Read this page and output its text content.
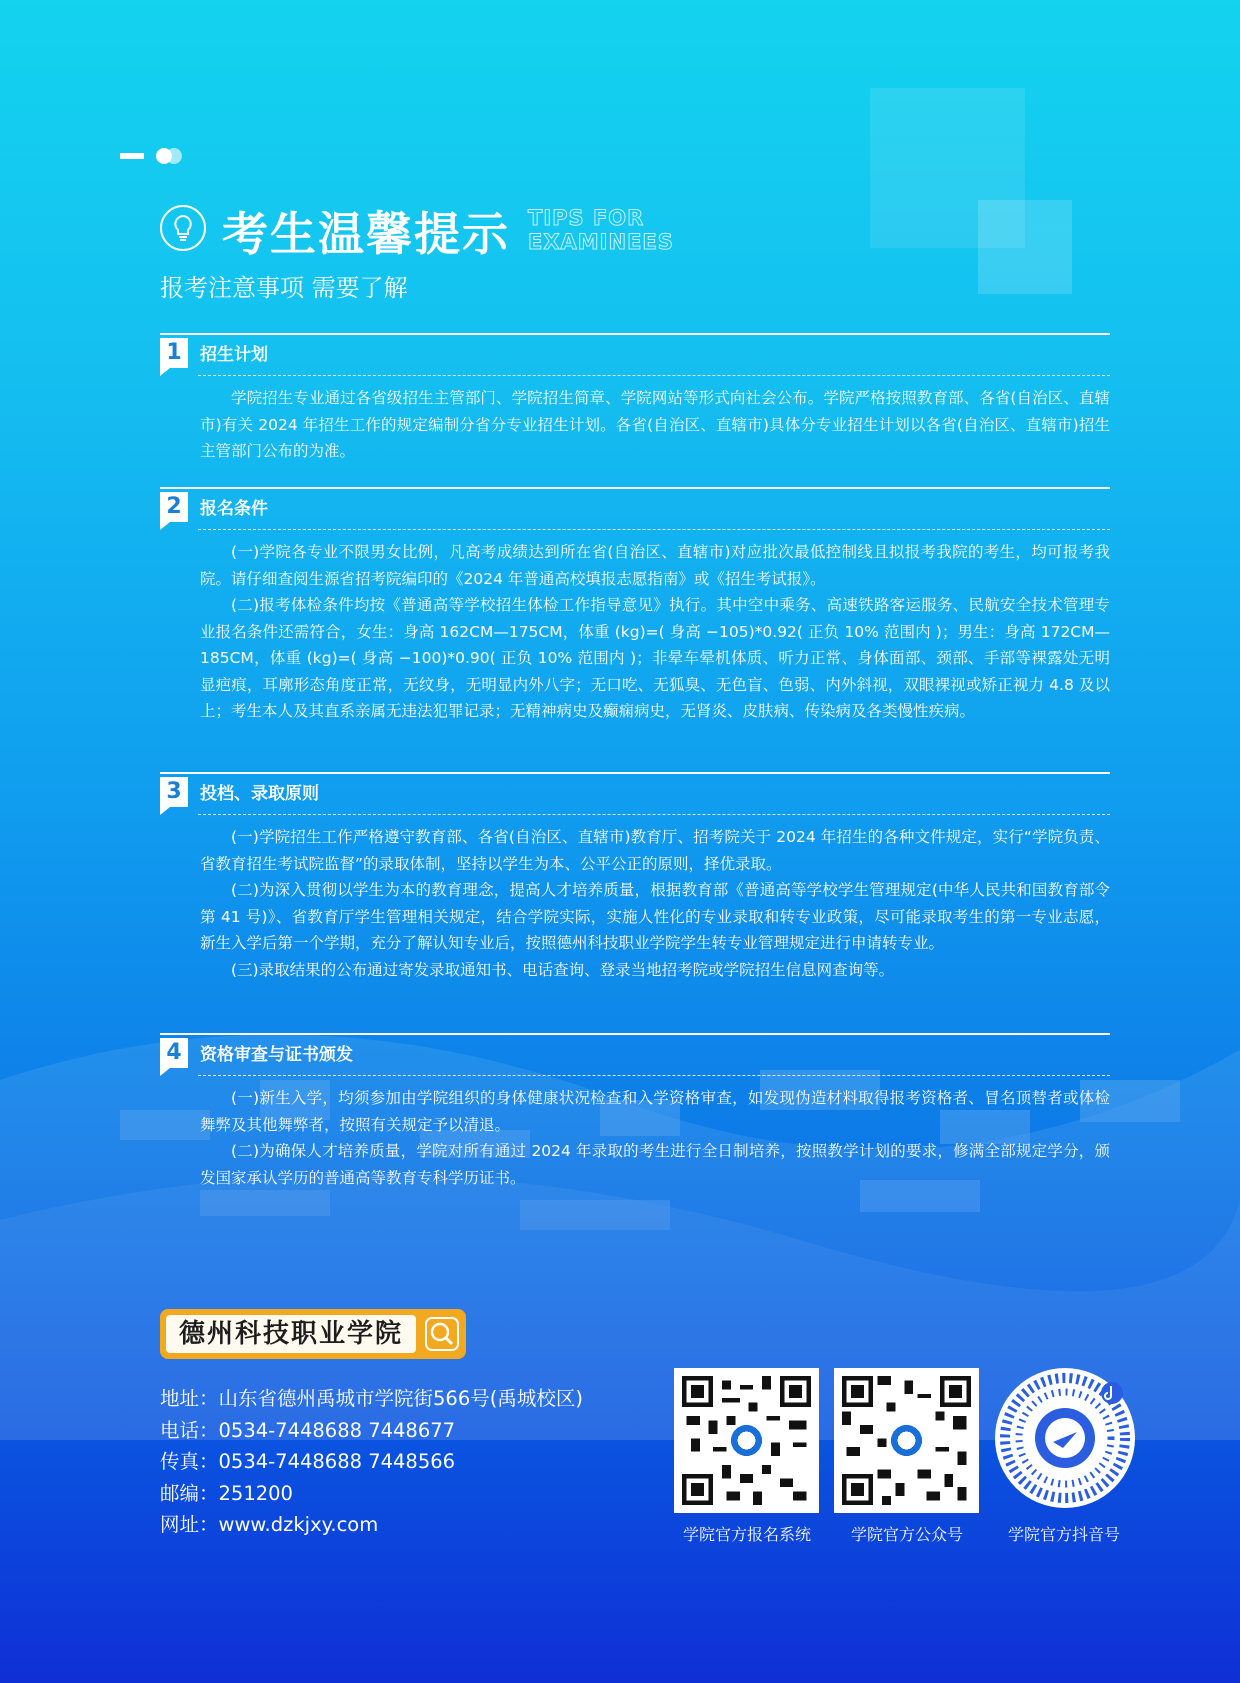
考生温馨提示 TIPS FOR
EXAMINEES
报考注意事项 需要了解
1	招生计划

学院招生专业通过各省级招生主管部门、学院招生简章、学院网站等形式向社会公布。学院严格按照教育部、各省(自治区、直辖市)有关 2024 年招生工作的规定编制分省分专业招生计划。各省(自治区、直辖市)具体分专业招生计划以各省(自治区、直辖市)招生主管部门公布的为准。

2	报名条件

(一)学院各专业不限男女比例，凡高考成绩达到所在省(自治区、直辖市)对应批次最低控制线且拟报考我院的考生，均可报考我院。请仔细查阅生源省招考院编印的《2024 年普通高校填报志愿指南》或《招生考试报》。

(二)报考体检条件均按《普通高等学校招生体检工作指导意见》执行。其中空中乘务、高速铁路客运服务、民航安全技术管理专业报名条件还需符合，女生：身高 162CM—175CM，体重 (kg)=( 身高 −105)*0.92( 正负 10% 范围内 )；男生：身高 172CM—185CM，体重 (kg)=( 身高 −100)*0.90( 正负 10% 范围内 )；非晕车晕机体质、听力正常、身体面部、颈部、手部等裸露处无明显疤痕，耳廓形态角度正常，无纹身，无明显内外八字；无口吃、无狐臭、无色盲、色弱、内外斜视，双眼裸视或矫正视力 4.8 及以上；考生本人及其直系亲属无违法犯罪记录；无精神病史及癫痫病史，无肾炎、皮肤病、传染病及各类慢性疾病。

3	投档、录取原则

(一)学院招生工作严格遵守教育部、各省(自治区、直辖市)教育厅、招考院关于 2024 年招生的各种文件规定，实行“学院负责、省教育招生考试院监督”的录取体制，坚持以学生为本、公平公正的原则，择优录取。

(二)为深入贯彻以学生为本的教育理念，提高人才培养质量，根据教育部《普通高等学校学生管理规定(中华人民共和国教育部令第 41 号)》、省教育厅学生管理相关规定，结合学院实际，实施人性化的专业录取和转专业政策，尽可能录取考生的第一专业志愿，新生入学后第一个学期，充分了解认知专业后，按照德州科技职业学院学生转专业管理规定进行申请转专业。

(三)录取结果的公布通过寄发录取通知书、电话查询、登录当地招考院或学院招生信息网查询等。

4	资格审查与证书颁发

(一)新生入学，均须参加由学院组织的身体健康状况检查和入学资格审查，如发现伪造材料取得报考资格者、冒名顶替者或体检舞弊及其他舞弊者，按照有关规定予以清退。

(二)为确保人才培养质量，学院对所有通过 2024 年录取的考生进行全日制培养，按照教学计划的要求，修满全部规定学分，颁发国家承认学历的普通高等教育专科学历证书。

德州科技职业学院
地址：山东省德州禹城市学院街566号(禹城校区)
电话：0534-7448688 7448677
传真：0534-7448688 7448566
邮编：251200
网址：www.dzkjxy.com	学院官方报名系统	学院官方公众号	学院官方抖音号
